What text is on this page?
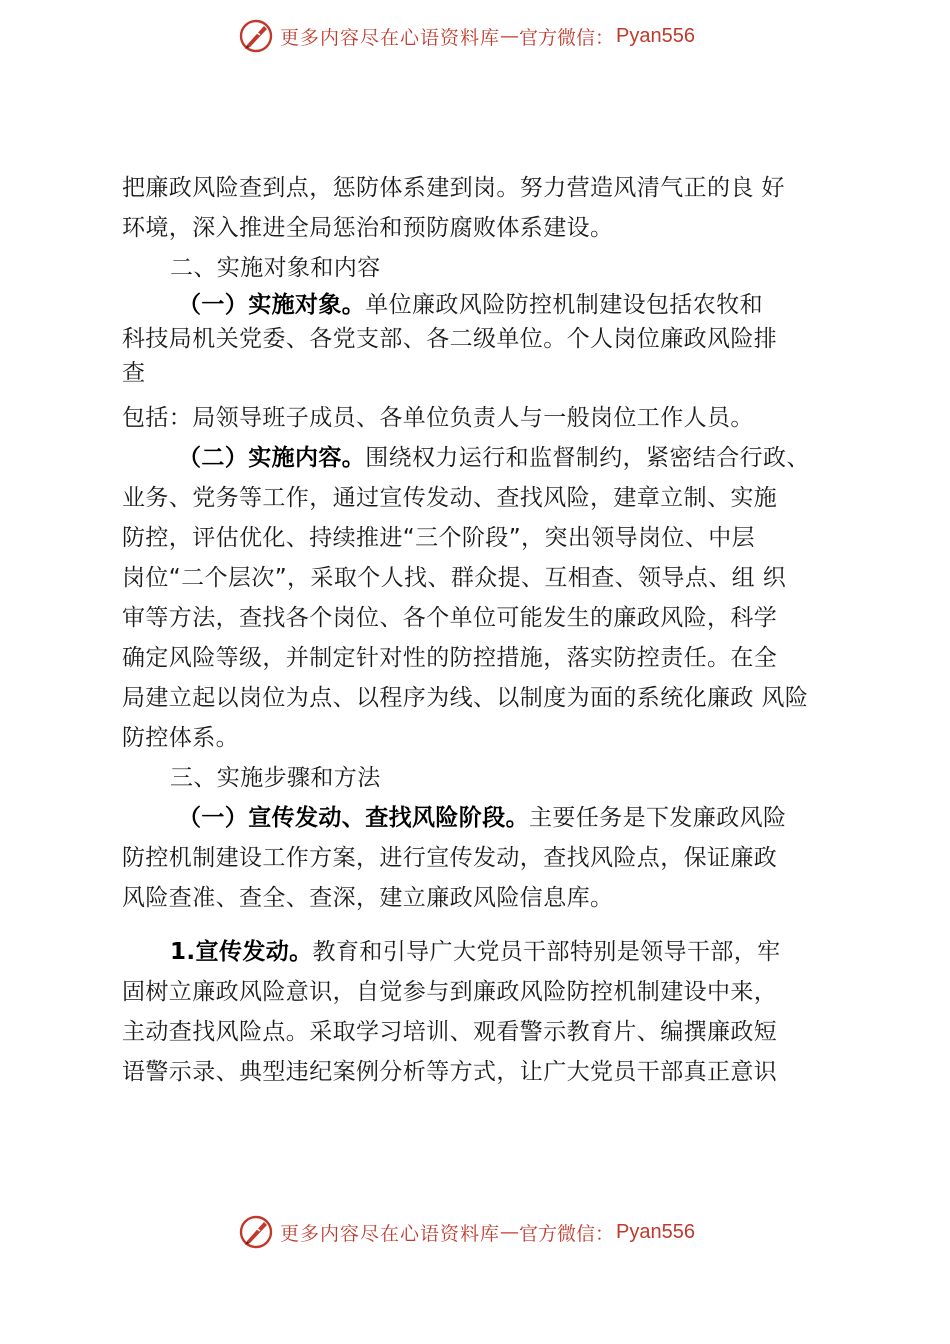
更多内容尽在心语资料库 — 官方微信： Pyan556
把廉政风险查到点，惩防体系建到岗。努力营造风清气正的良 好
环境，深入推进全局惩治和预防腐败体系建设。
二、实施对象和内容
（一）实施对象。单位廉政风险防控机制建设包括农牧和
科技局机关党委、各党支部、各二级单位。个人岗位廉政风险排
查
包括：局领导班子成员、各单位负责人与一般岗位工作人员。
（二）实施内容。围绕权力运行和监督制约，紧密结合行政、
业务、党务等工作，通过宣传发动、查找风险，建章立制、实施
防控，评估优化、持续推进“三个阶段”，突出领导岗位、中层
岗位“二个层次”，采取个人找、群众提、互相查、领导点、组 织
审等方法，查找各个岗位、各个单位可能发生的廉政风险，科学
确定风险等级，并制定针对性的防控措施，落实防控责任。在全
局建立起以岗位为点、以程序为线、以制度为面的系统化廉政 风险
防控体系。
三、实施步骤和方法
（一）宣传发动、查找风险阶段。主要任务是下发廉政风险
防控机制建设工作方案，进行宣传发动，查找风险点，保证廉政
风险查准、查全、查深，建立廉政风险信息库。
1.宣传发动。教育和引导广大党员干部特别是领导干部，牢
固树立廉政风险意识，自觉参与到廉政风险防控机制建设中来，
主动查找风险点。采取学习培训、观看警示教育片、编撰廉政短
语警示录、典型违纪案例分析等方式，让广大党员干部真正意识
更多内容尽在心语资料库 — 官方微信： Pyan556
